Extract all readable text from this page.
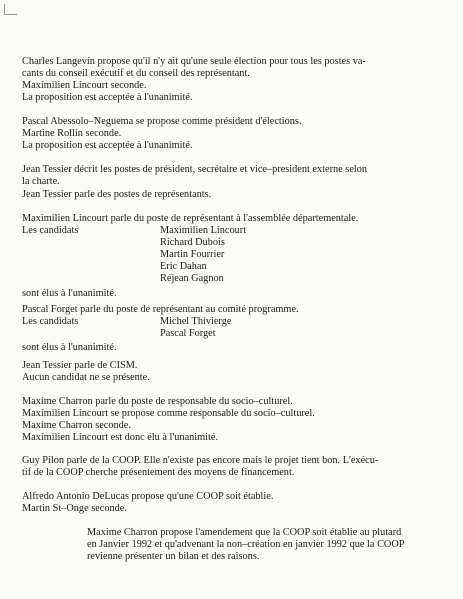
Charles Langevin propose qu'il n'y ait qu'une seule élection pour tous les postes va-
cants du conseil exécutif et du conseil des représentant.
Maximilien Lincourt seconde.
La proposition est acceptée à l'unanimité.
Pascal Abessolo–Neguema se propose comme président d'élections.
Martine Rollin seconde.
La proposition est acceptée à l'unanimité.
Jean Tessier décrit les postes de président, secrétaire et vice–president externe selon
la charte.
Jean Tessier parle des postes de représentants.
Maximilien Lincourt parle du poste de représentant à l'assemblée départementale.
Les candidats	Maximilien Lincourt
Richard Dubois
Martin Fourrier
Eric Dahan
Réjean Gagnon
sont élus à l'unanimité.
Pascal Forget parle du poste de représentant au comité programme.
Les candidats	Michel Thivierge
Pascal Forget
sont élus à l'unanimité.
Jean Tessier parle de CISM.
Aucun candidat ne se présente.
Maxime Charron parle du poste de responsable du socio–culturel.
Maximilien Lincourt se propose comme responsable du socio–culturel.
Maxime Charron seconde.
Maximilien Lincourt est donc élu à l'unanimité.
Guy Pilon parle de la COOP. Elle n'existe pas encore mais le projet tient bon. L'exécu-
tif de la COOP cherche présentement des moyens de financement.
Alfredo Antonio DeLucas propose qu'une COOP soit établie.
Martin St–Onge seconde.
Maxime Charron propose l'amendement que la COOP soit établie au plutard
en Janvier 1992 et qu'advenant la non–création en janvier 1992 que la COOP
revienne présenter un bilan et des raisons.
